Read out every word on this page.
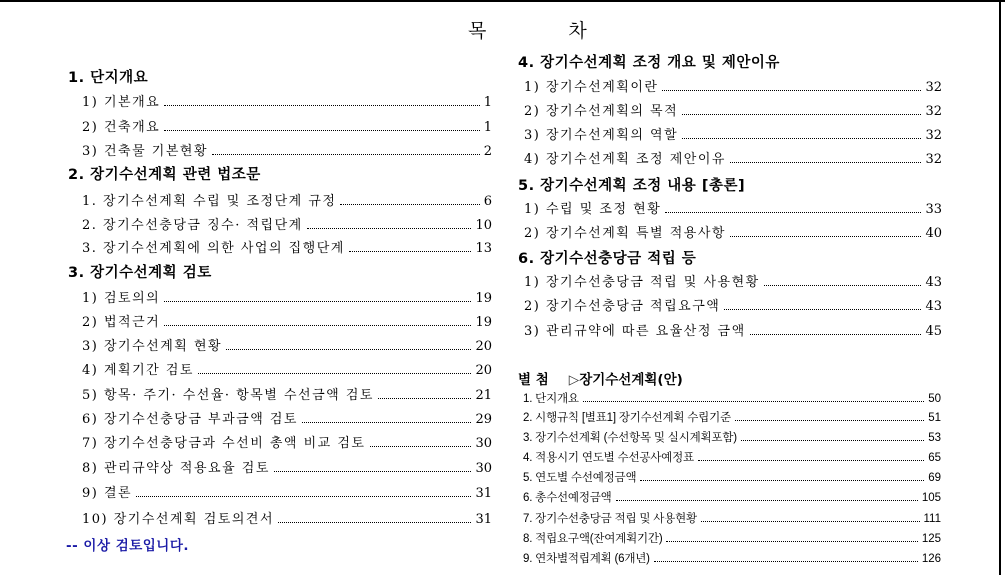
목 차
1. 단지개요
1) 기본개요	1
2) 건축개요	1
3) 건축물 기본현황	2
2. 장기수선계획 관련 법조문
1. 장기수선계획 수립 및 조정단계 규정	6
2. 장기수선충당금 징수· 적립단계	10
3. 장기수선계획에 의한 사업의 집행단계	13
3. 장기수선계획 검토
1) 검토의의	19
2) 법적근거	19
3) 장기수선계획 현황	20
4) 계획기간 검토	20
5) 항목· 주기· 수선율· 항목별 수선금액 검토	21
6) 장기수선충당금 부과금액 검토	29
7) 장기수선충당금과 수선비 총액 비교 검토	30
8) 관리규약상 적용요율 검토	30
9) 결론	31
10) 장기수선계획 검토의견서	31
-- 이상 검토입니다.
4. 장기수선계획 조정 개요 및 제안이유
1) 장기수선계획이란	32
2) 장기수선계획의 목적	32
3) 장기수선계획의 역할	32
4) 장기수선계획 조정 제안이유	32
5. 장기수선계획 조정 내용 [총론]
1) 수립 및 조정 현황	33
2) 장기수선계획 특별 적용사항	40
6. 장기수선충당금 적립 등
1) 장기수선충당금 적립 및 사용현황	43
2) 장기수선충당금 적립요구액	43
3) 관리규약에 따른 요율산정 금액	45
별 첨	▷장기수선계획(안)
1. 단지개요	50
2. 시행규칙 [별표1] 장기수선계획 수립기준	51
3. 장기수선계획 (수선항목 및 실시계획포함)	53
4. 적용시기 연도별 수선공사예정표	65
5. 연도별 수선예정금액	69
6. 총수선예정금액	105
7. 장기수선충당금 적립 및 사용현황	111
8. 적립요구액(잔여계획기간)	125
9. 연차별적립계획 (6개년)	126
